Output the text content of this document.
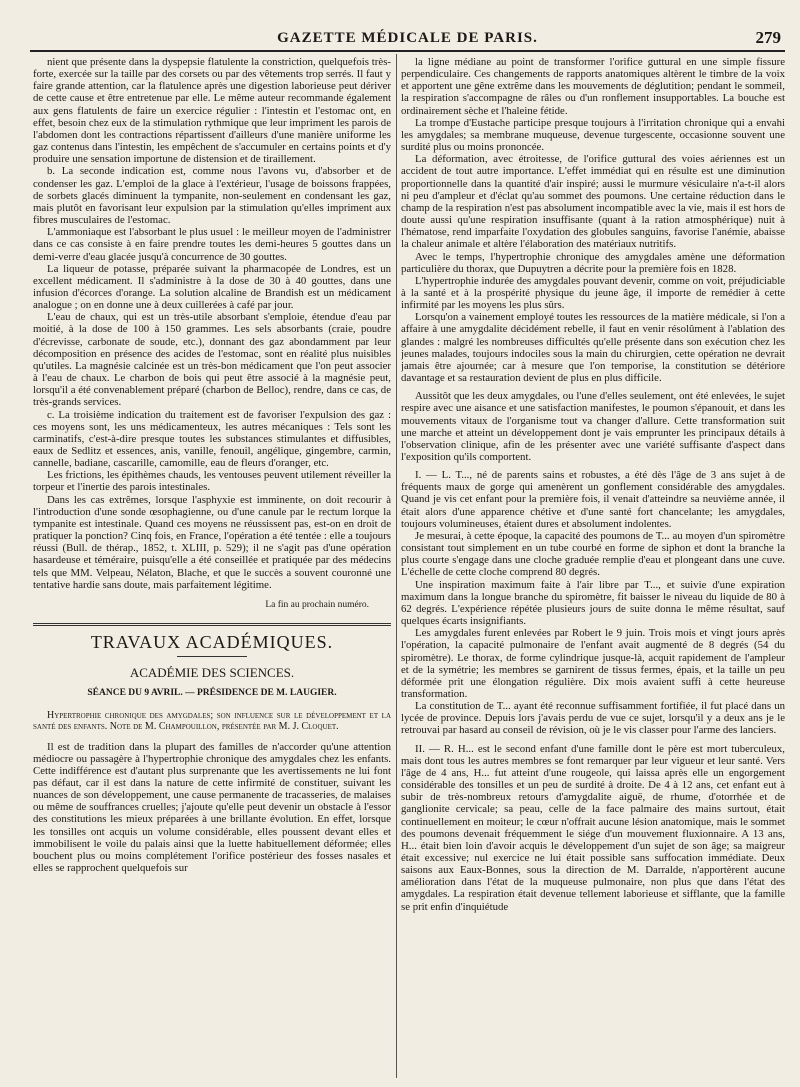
GAZETTE MÉDICALE DE PARIS.	279

nient que présente dans la dyspepsie flatulente la constriction, quelquefois très-forte, exercée sur la taille par des corsets ou par des vêtements trop serrés. Il faut y faire grande attention, car la flatulence après une digestion laborieuse peut dériver de cette cause et être entretenue par elle. Le même auteur recommande également aux gens flatulents de faire un exercice régulier : l'intestin et l'estomac ont, en effet, besoin chez eux de la stimulation rythmique que leur impriment les parois de l'abdomen dont les contractions répartissent d'ailleurs d'une manière uniforme les gaz contenus dans l'intestin, les empêchent de s'accumuler en certains points et d'y produire une sensation importune de distension et de tiraillement.

b. La seconde indication est, comme nous l'avons vu, d'absorber et de condenser les gaz. L'emploi de la glace à l'extérieur, l'usage de boissons frappées, de sorbets glacés diminuent la tympanite, non-seulement en condensant les gaz, mais plutôt en favorisant leur expulsion par la stimulation qu'elles impriment aux fibres musculaires de l'estomac.

L'ammoniaque est l'absorbant le plus usuel : le meilleur moyen de l'administrer dans ce cas consiste à en faire prendre toutes les demi-heures 5 gouttes dans un demi-verre d'eau glacée jusqu'à concurrence de 30 gouttes.

La liqueur de potasse, préparée suivant la pharmacopée de Londres, est un excellent médicament. Il s'administre à la dose de 30 à 40 gouttes, dans une infusion d'écorces d'orange. La solution alcaline de Brandish est un médicament analogue ; on en donne une à deux cuillerées à café par jour.

L'eau de chaux, qui est un très-utile absorbant s'emploie, étendue d'eau par moitié, à la dose de 100 à 150 grammes. Les sels absorbants (craie, poudre d'écrevisse, carbonate de soude, etc.), donnant des gaz abondamment par leur décomposition en présence des acides de l'estomac, sont en réalité plus nuisibles qu'utiles. La magnésie calcinée est un très-bon médicament que l'on peut associer à l'eau de chaux. Le charbon de bois qui peut être associé à la magnésie peut, lorsqu'il a été convenablement préparé (charbon de Belloc), rendre, dans ce cas, de très-grands services.

c. La troisième indication du traitement est de favoriser l'expulsion des gaz : ces moyens sont, les uns médicamenteux, les autres mécaniques : Tels sont les carminatifs, c'est-à-dire presque toutes les substances stimulantes et diffusibles, eaux de Sedlitz et essences, anis, vanille, fenouil, angélique, gingembre, carmin, cannelle, badiane, cascarille, camomille, eau de fleurs d'oranger, etc.

Les frictions, les épithèmes chauds, les ventouses peuvent utilement réveiller la torpeur et l'inertie des parois intestinales.

Dans les cas extrêmes, lorsque l'asphyxie est imminente, on doit recourir à l'introduction d'une sonde œsophagienne, ou d'une canule par le rectum lorque la tympanite est intestinale. Quand ces moyens ne réussissent pas, est-on en droit de pratiquer la ponction? Cinq fois, en France, l'opération a été tentée : elle a toujours réussi (Bull. de thérap., 1852, t. XLIII, p. 529); il ne s'agit pas d'une opération hasardeuse et téméraire, puisqu'elle a été conseillée et pratiquée par des médecins tels que MM. Velpeau, Nélaton, Blache, et que le succès a souvent couronné une tentative hardie sans doute, mais parfaitement légitime.

La fin au prochain numéro.

TRAVAUX ACADÉMIQUES.

ACADÉMIE DES SCIENCES.

SÉANCE DU 9 AVRIL. — PRÉSIDENCE DE M. LAUGIER.

Hypertrophie chronique des amygdales; son influence sur le développement et la santé des enfants. Note de M. Champouillon, présentée par M. J. Cloquet.

Il est de tradition dans la plupart des familles de n'accorder qu'une attention médiocre ou passagère à l'hypertrophie chronique des amygdales chez les enfants. Cette indifférence est d'autant plus surprenante que les avertissements ne lui font pas défaut, car il est dans la nature de cette infirmité de constituer, suivant les nuances de son développement, une cause permanente de tracasseries, de malaises ou même de souffrances cruelles; j'ajoute qu'elle peut devenir un obstacle à l'essor des constitutions les mieux préparées à une brillante évolution. En effet, lorsque les tonsilles ont acquis un volume considérable, elles poussent devant elles et immobilisent le voile du palais ainsi que la luette habituellement déformée; elles bouchent plus ou moins complétement l'orifice postérieur des fosses nasales et elles se rapprochent quelquefois sur

la ligne médiane au point de transformer l'orifice guttural en une simple fissure perpendiculaire. Ces changements de rapports anatomiques altèrent le timbre de la voix et apportent une gêne extrême dans les mouvements de déglutition; pendant le sommeil, la respiration s'accompagne de râles ou d'un ronflement insupportables. La bouche est ordinairement sèche et l'haleine fétide.

La trompe d'Eustache participe presque toujours à l'irritation chronique qui a envahi les amygdales; sa membrane muqueuse, devenue turgescente, occasionne souvent une surdité plus ou moins prononcée.

La déformation, avec étroitesse, de l'orifice guttural des voies aériennes est un accident de tout autre importance. L'effet immédiat qui en résulte est une diminution proportionnelle dans la quantité d'air inspiré; aussi le murmure vésiculaire n'a-t-il alors ni peu d'ampleur et d'éclat qu'au sommet des poumons. Une certaine réduction dans le champ de la respiration n'est pas absolument incompatible avec la vie, mais il est hors de doute aussi qu'une respiration insuffisante (quant à la ration atmosphérique) nuit à l'hématose, rend imparfaite l'oxydation des globules sanguins, favorise l'anémie, abaisse la chaleur animale et altère l'élaboration des matériaux nutritifs.

Avec le temps, l'hypertrophie chronique des amygdales amène une déformation particulière du thorax, que Dupuytren a décrite pour la première fois en 1828.

L'hypertrophie indurée des amygdales pouvant devenir, comme on voit, préjudiciable à la santé et à la prospérité physique du jeune âge, il importe de remédier à cette infirmité par les moyens les plus sûrs.

Lorsqu'on a vainement employé toutes les ressources de la matière médicale, si l'on a affaire à une amygdalite décidément rebelle, il faut en venir résolûment à l'ablation des glandes : malgré les nombreuses difficultés qu'elle présente dans son exécution chez les jeunes malades, toujours indociles sous la main du chirurgien, cette opération ne devrait jamais être ajournée; car à mesure que l'on temporise, la constitution se détériore davantage et sa restauration devient de plus en plus difficile.

Aussitôt que les deux amygdales, ou l'une d'elles seulement, ont été enlevées, le sujet respire avec une aisance et une satisfaction manifestes, le poumon s'épanouit, et dans les mouvements vitaux de l'organisme tout va changer d'allure. Cette transformation suit une marche et atteint un développement dont je vais emprunter les principaux détails à l'observation clinique, afin de les présenter avec une variété suffisante d'aspect dans l'exposition qu'ils comportent.

I. — L. T..., né de parents sains et robustes, a été dès l'âge de 3 ans sujet à de fréquents maux de gorge qui amenèrent un gonflement considérable des amygdales. Quand je vis cet enfant pour la première fois, il venait d'atteindre sa neuvième année, il était alors d'une apparence chétive et d'une santé fort chancelante; les amygdales, toujours volumineuses, étaient dures et absolument indolentes.

Je mesurai, à cette époque, la capacité des poumons de T... au moyen d'un spiromètre consistant tout simplement en un tube courbé en forme de siphon et dont la branche la plus courte s'engage dans une cloche graduée remplie d'eau et plongeant dans une cuve. L'échelle de cette cloche comprend 80 degrés.

Une inspiration maximum faite à l'air libre par T..., et suivie d'une expiration maximum dans la longue branche du spiromètre, fit baisser le niveau du liquide de 80 à 62 degrés. L'expérience répétée plusieurs jours de suite donna le même résultat, sauf quelques écarts insignifiants.

Les amygdales furent enlevées par Robert le 9 juin. Trois mois et vingt jours après l'opération, la capacité pulmonaire de l'enfant avait augmenté de 8 degrés (54 du spiromètre). Le thorax, de forme cylindrique jusque-là, acquit rapidement de l'ampleur et de la symétrie; les membres se garnirent de tissus fermes, épais, et la taille un peu déformée prit une élongation régulière. Dix mois avaient suffi à cette heureuse transformation.

La constitution de T... ayant été reconnue suffisamment fortifiée, il fut placé dans un lycée de province. Depuis lors j'avais perdu de vue ce sujet, lorsqu'il y a deux ans je le retrouvai par hasard au conseil de révision, où je le vis classer pour l'arme des lanciers.

II. — R. H... est le second enfant d'une famille dont le père est mort tuberculeux, mais dont tous les autres membres se font remarquer par leur vigueur et leur santé. Vers l'âge de 4 ans, H... fut atteint d'une rougeole, qui laissa après elle un engorgement considérable des tonsilles et un peu de surdité à droite. De 4 à 12 ans, cet enfant eut à subir de très-nombreux retours d'amygdalite aiguë, de rhume, d'otorrhée et de ganglionite cervicale; sa peau, celle de la face palmaire des mains surtout, était continuellement en moiteur; le cœur n'offrait aucune lésion anatomique, mais le sommet des poumons devenait fréquemment le siége d'un mouvement fluxionnaire. A 13 ans, H... était bien loin d'avoir acquis le développement d'un sujet de son âge; sa maigreur était excessive; nul exercice ne lui était possible sans suffocation immédiate. Deux saisons aux Eaux-Bonnes, sous la direction de M. Darralde, n'apportèrent aucune amélioration dans l'état de la muqueuse pulmonaire, non plus que dans l'état des amygdales. La respiration était devenue tellement laborieuse et sifflante, que la famille se prit enfin d'inquiétude
